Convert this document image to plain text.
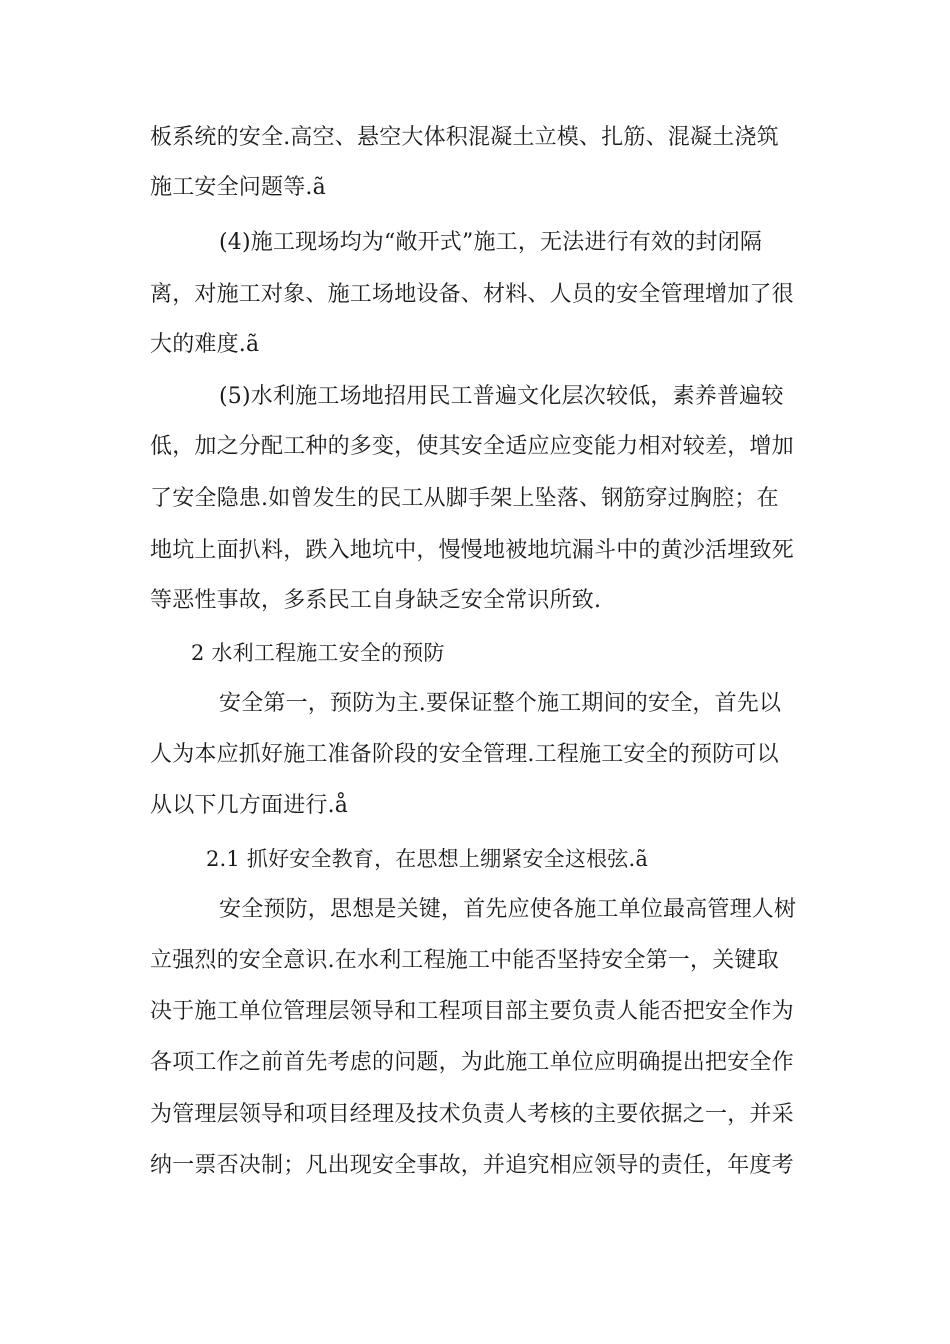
板系统的安全.高空、悬空大体积混凝土立模、扎筋、混凝土浇筑
施工安全问题等.ã
(4)施工现场均为“敞开式”施工，无法进行有效的封闭隔
离，对施工对象、施工场地设备、材料、人员的安全管理增加了很
大的难度.ã
(5)水利施工场地招用民工普遍文化层次较低，素养普遍较
低，加之分配工种的多变，使其安全适应应变能力相对较差，增加
了安全隐患.如曾发生的民工从脚手架上坠落、钢筋穿过胸腔；在
地坑上面扒料，跌入地坑中，慢慢地被地坑漏斗中的黄沙活埋致死
等恶性事故，多系民工自身缺乏安全常识所致.
2 水利工程施工安全的预防
安全第一，预防为主.要保证整个施工期间的安全，首先以
人为本应抓好施工准备阶段的安全管理.工程施工安全的预防可以
从以下几方面进行.å
2.1 抓好安全教育，在思想上绷紧安全这根弦.ã
安全预防，思想是关键，首先应使各施工单位最高管理人树
立强烈的安全意识.在水利工程施工中能否坚持安全第一，关键取
决于施工单位管理层领导和工程项目部主要负责人能否把安全作为
各项工作之前首先考虑的问题，为此施工单位应明确提出把安全作
为管理层领导和项目经理及技术负责人考核的主要依据之一，并采
纳一票否决制；凡出现安全事故，并追究相应领导的责任，年度考
